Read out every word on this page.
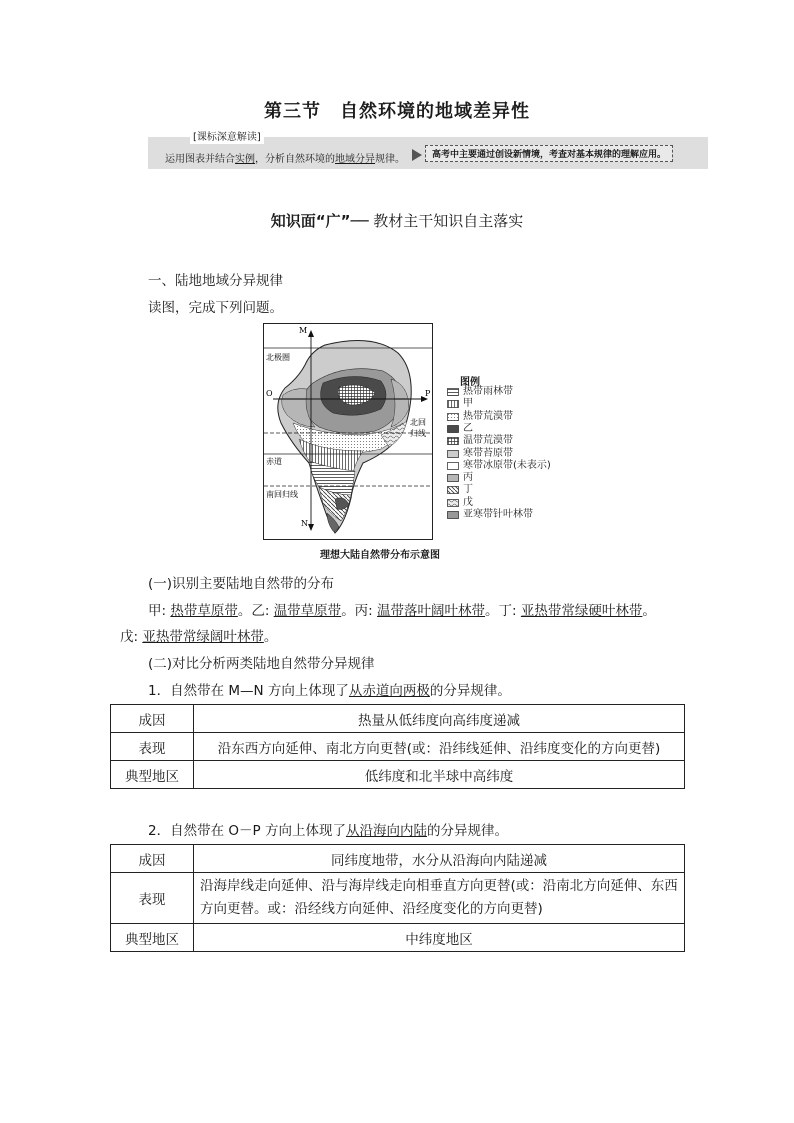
第三节　自然环境的地域差异性
[课标深意解读]
运用图表并结合实例，分析自然环境的地域分异规律。	高考中主要通过创设新情境，考查对基本规律的理解应用。
知识面“广”── 教材主干知识自主落实
一、陆地地域分异规律
读图，完成下列问题。
M
N
O	P
北极圈
北回
归线
赤道
南回归线
图例
热带雨林带
甲
热带荒漠带
乙
温带荒漠带
寒带苔原带
寒带冰原带(未表示)
丙
丁
戊
亚寒带针叶林带
理想大陆自然带分布示意图
(一)识别主要陆地自然带的分布
甲: 热带草原带。乙: 温带草原带。丙: 温带落叶阔叶林带。丁: 亚热带常绿硬叶林带。
戊: 亚热带常绿阔叶林带。
(二)对比分析两类陆地自然带分异规律
1．自然带在 M—N 方向上体现了从赤道向两极的分异规律。
成因	热量从低纬度向高纬度递减
表现	沿东西方向延伸、南北方向更替(或：沿纬线延伸、沿纬度变化的方向更替)
典型地区	低纬度和北半球中高纬度
2．自然带在 O－P 方向上体现了从沿海向内陆的分异规律。
成因	同纬度地带，水分从沿海向内陆递减
表现	沿海岸线走向延伸、沿与海岸线走向相垂直方向更替(或：沿南北方向延伸、东西方向更替。或：沿经线方向延伸、沿经度变化的方向更替)
典型地区	中纬度地区
